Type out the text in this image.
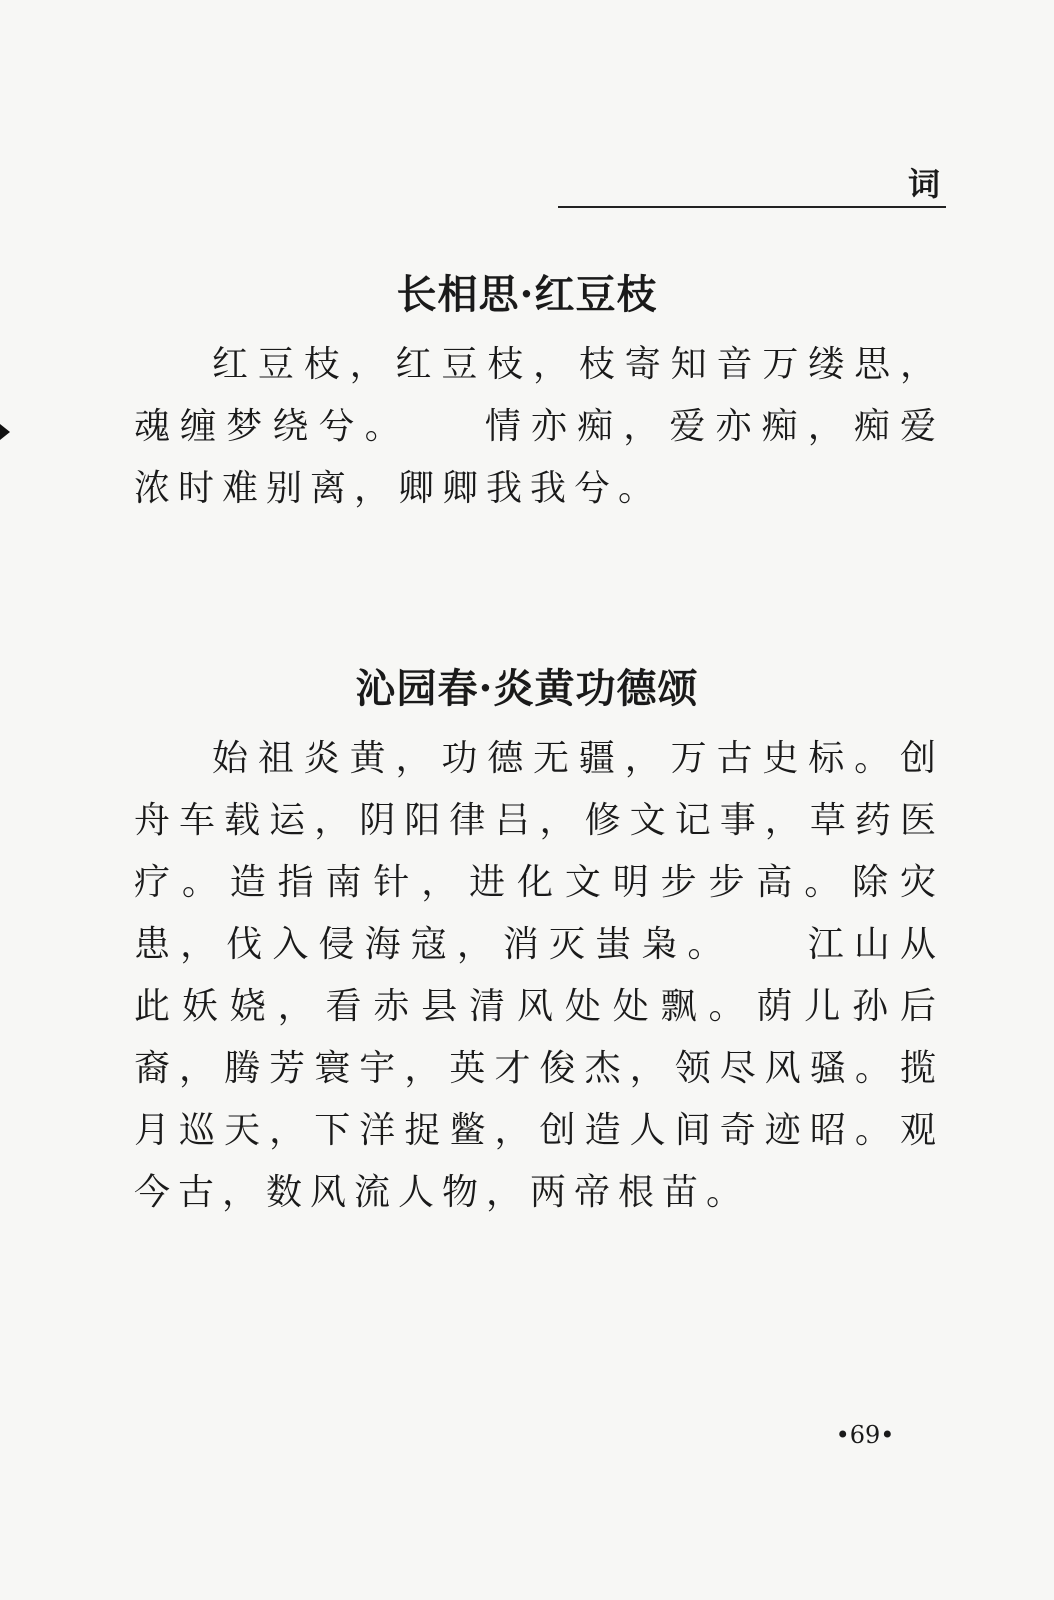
词
长相思·红豆枝

红豆枝，红豆枝，枝寄知音万缕思，魂缠梦绕兮。　　情亦痴，爱亦痴，痴爱浓时难别离，卿卿我我兮。

沁园春·炎黄功德颂

始祖炎黄，功德无疆，万古史标。创舟车载运，阴阳律吕，修文记事，草药医疗。造指南针，进化文明步步高。除灾患，伐入侵海寇，消灭蚩枭。　　江山从此妖娆，看赤县清风处处飘。荫儿孙后裔，腾芳寰宇，英才俊杰，领尽风骚。揽月巡天，下洋捉鳖，创造人间奇迹昭。观今古，数风流人物，两帝根苗。

•69•
